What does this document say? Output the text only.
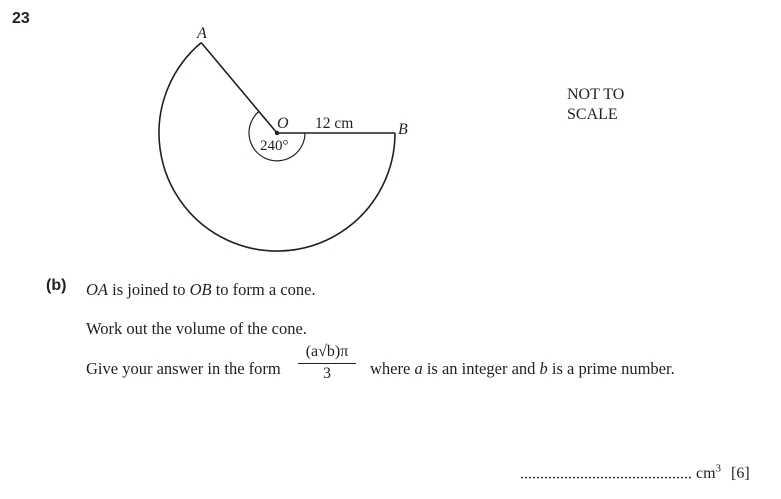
23
A
B
O 12 cm
240°
NOT TO
SCALE
(b) OA is joined to OB to form a cone.
Work out the volume of the cone.
Give your answer in the form $\frac{(a√b)\pi}{3}$ where a is an integer and b is a prime number.
........................................... $cm^3$ [6]
